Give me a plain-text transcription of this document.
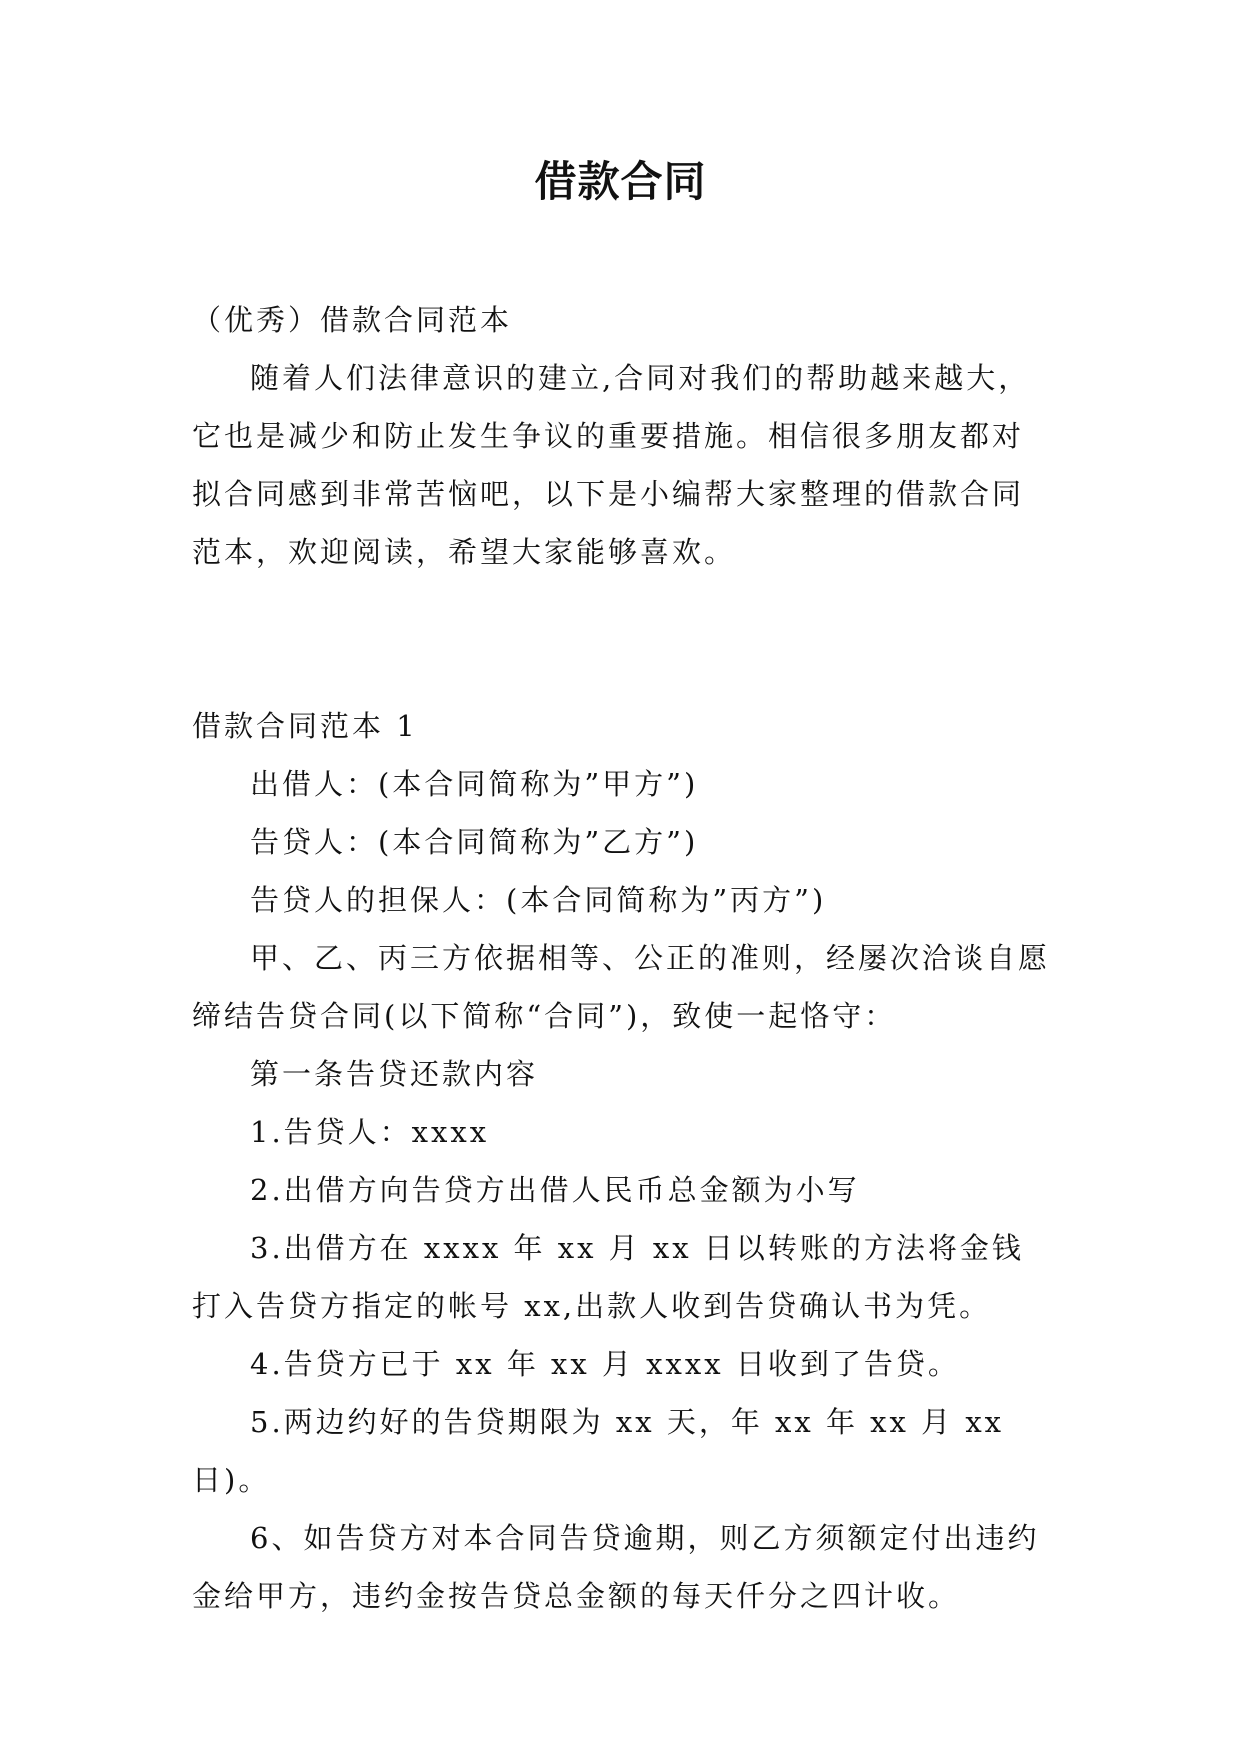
借款合同
（优秀）借款合同范本

随着人们法律意识的建立,合同对我们的帮助越来越大，它也是减少和防止发生争议的重要措施。相信很多朋友都对拟合同感到非常苦恼吧，以下是小编帮大家整理的借款合同范本，欢迎阅读，希望大家能够喜欢。

借款合同范本 1

出借人：(本合同简称为”甲方”)

告贷人：(本合同简称为”乙方”)

告贷人的担保人：(本合同简称为”丙方”)

甲、乙、丙三方依据相等、公正的准则，经屡次洽谈自愿缔结告贷合同(以下简称“合同”)，致使一起恪守：

第一条告贷还款内容

1.告贷人：xxxx

2.出借方向告贷方出借人民币总金额为小写

3.出借方在 xxxx 年 xx 月 xx 日以转账的方法将金钱打入告贷方指定的帐号 xx,出款人收到告贷确认书为凭。

4.告贷方已于 xx 年 xx 月 xxxx 日收到了告贷。

5.两边约好的告贷期限为 xx 天，年 xx 年 xx 月 xx 日)。

6、如告贷方对本合同告贷逾期，则乙方须额定付出违约金给甲方，违约金按告贷总金额的每天仟分之四计收。
